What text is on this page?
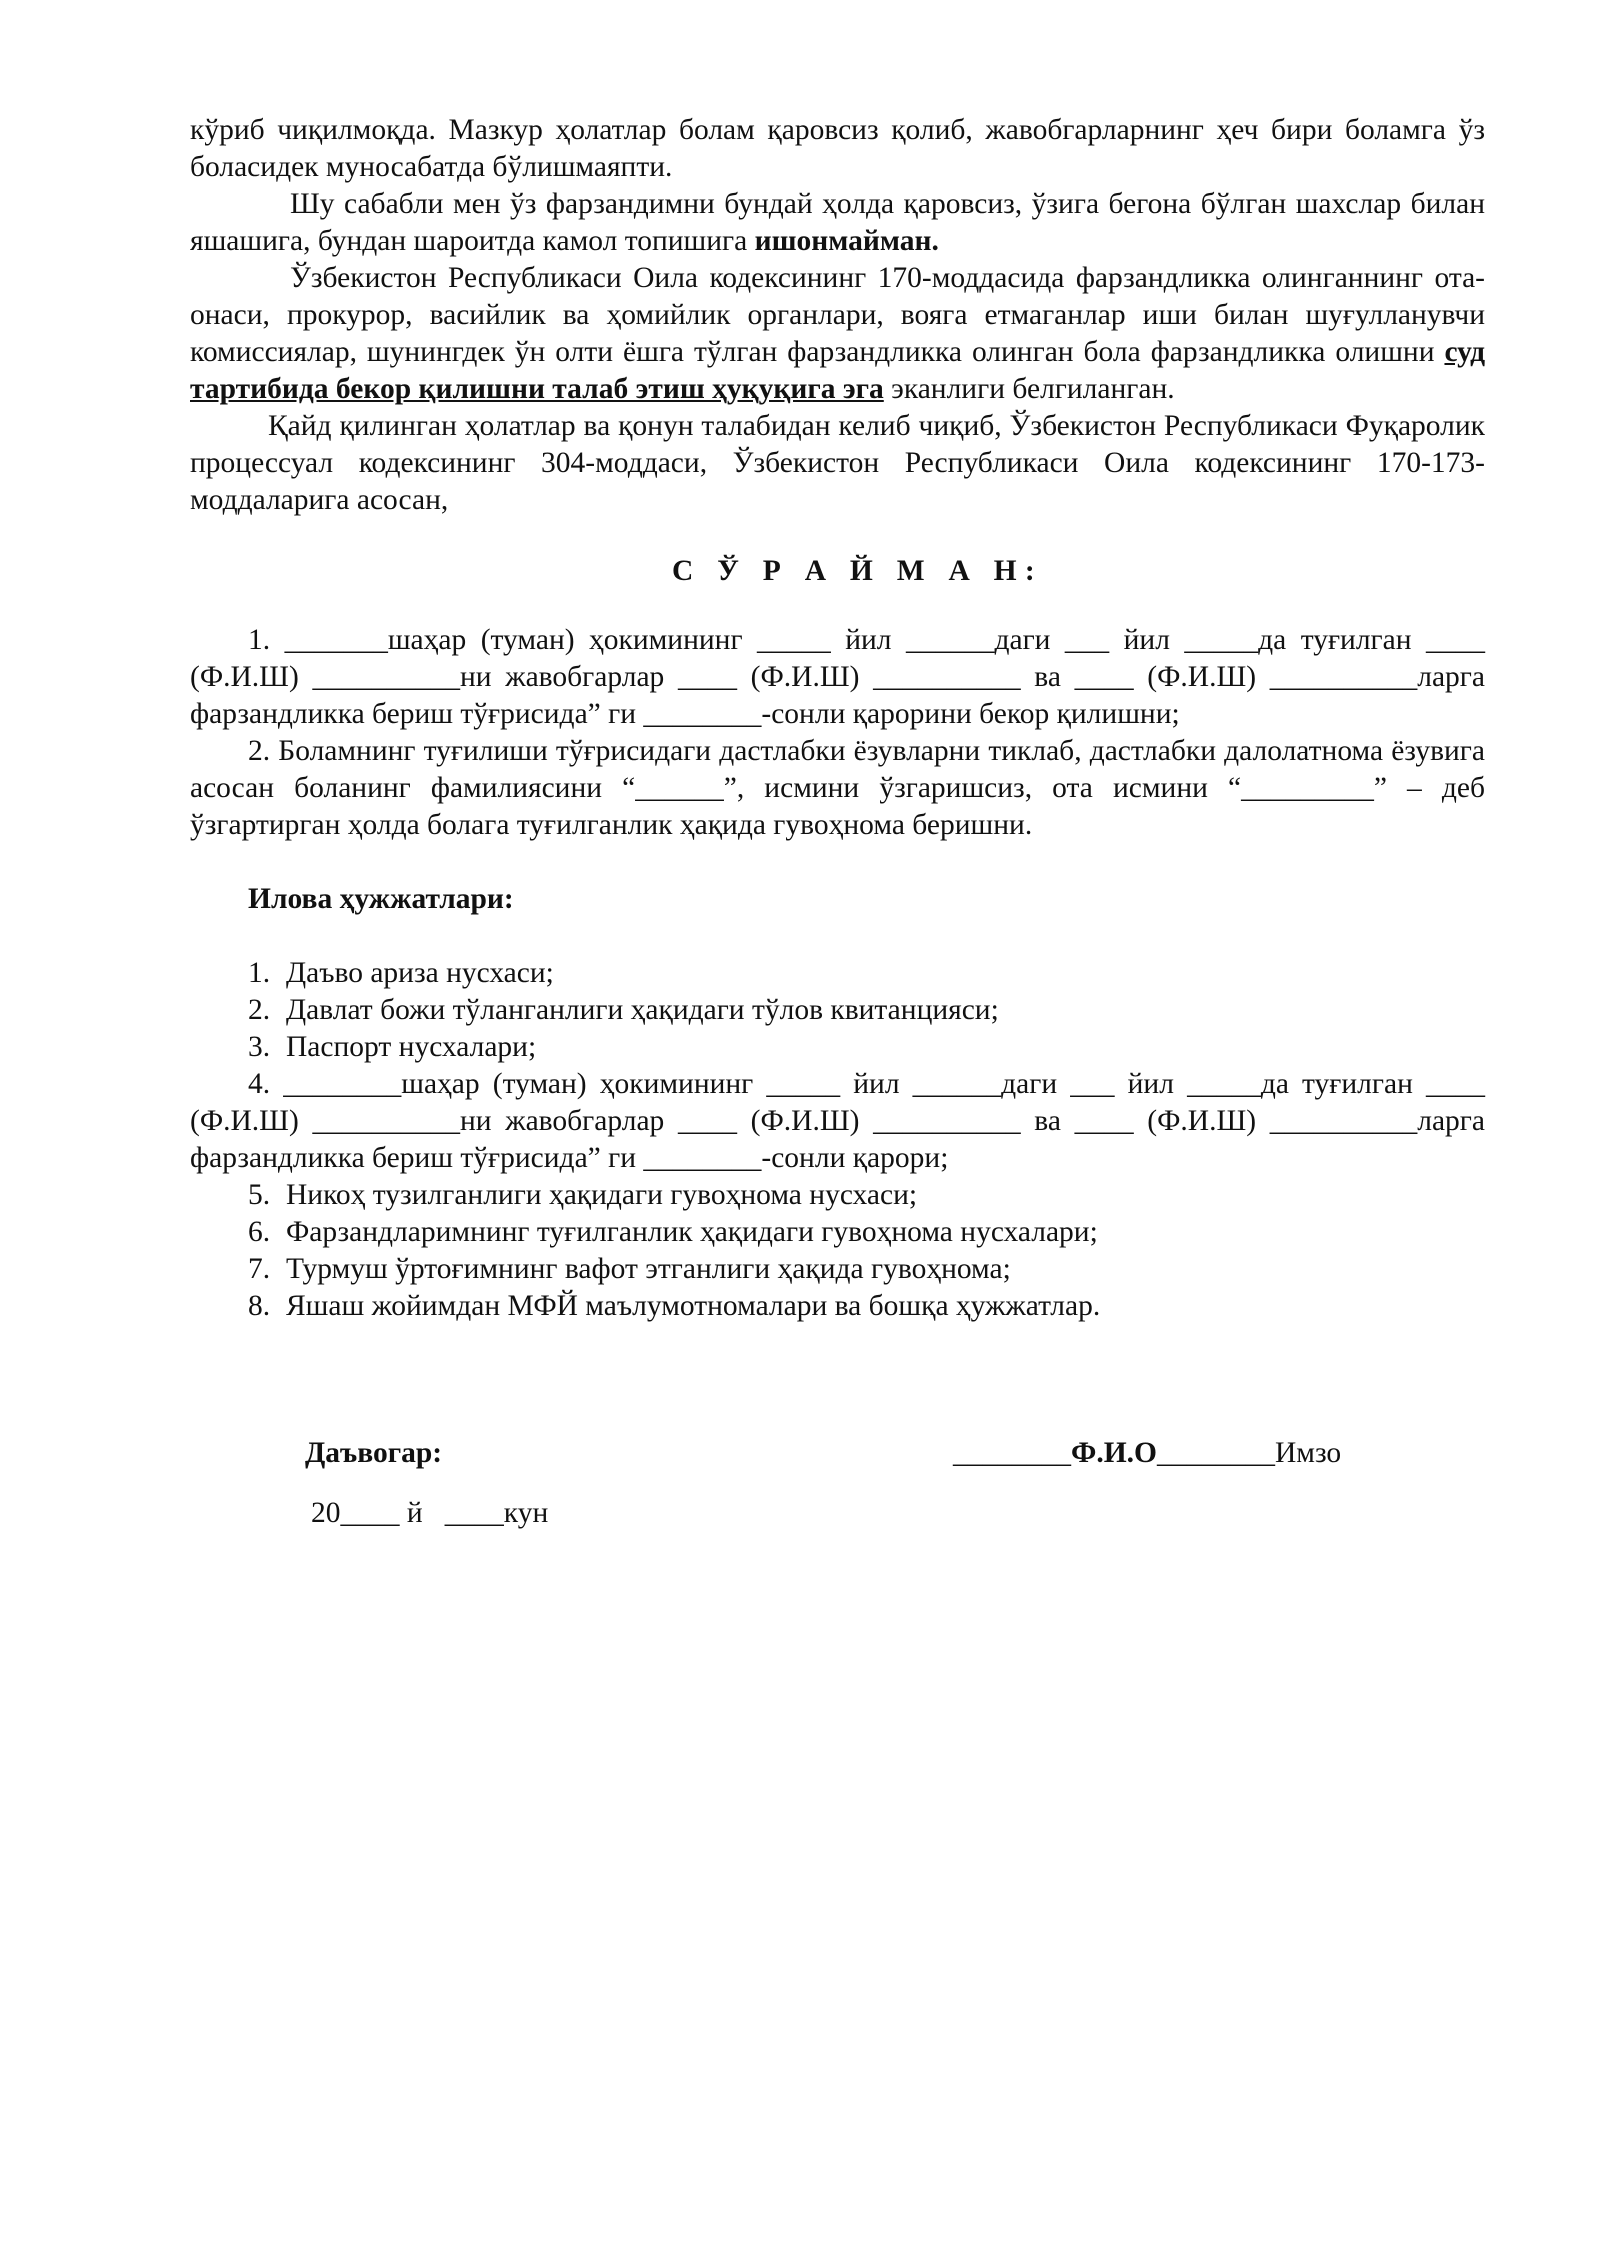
кўриб чиқилмоқда. Мазкур ҳолатлар болам қаровсиз қолиб, жавобгарларнинг ҳеч бири боламга ўз боласидек муносабатда бўлишмаяпти.

Шу сабабли мен ўз фарзандимни бундай ҳолда қаровсиз, ўзига бегона бўлган шахслар билан яшашига, бундан шароитда камол топишига ишонмайман.

Ўзбекистон Республикаси Оила кодексининг 170-моддасида фарзандликка олинганнинг ота-онаси, прокурор, васийлик ва ҳомийлик органлари, вояга етмаганлар иши билан шуғулланувчи комиссиялар, шунингдек ўн олти ёшга тўлган фарзандликка олинган бола фарзандликка олишни суд тартибида бекор қилишни талаб этиш ҳуқуқига эга эканлиги белгиланган.

Қайд қилинган ҳолатлар ва қонун талабидан келиб чиқиб, Ўзбекистон Республикаси Фуқаролик процессуал кодексининг 304-моддаси, Ўзбекистон Республикаси Оила кодексининг 170-173-моддаларига асосан,

С Ў Р А Й М А Н:

1. _______шаҳар (туман) ҳокимининг _____ йил ______даги ___ йил _____да туғилган ____ (Ф.И.Ш) __________ни жавобгарлар ____ (Ф.И.Ш) __________ ва ____ (Ф.И.Ш) __________ларга фарзандликка бериш тўғрисида” ги ________-сонли қарорини бекор қилишни;

2. Боламнинг туғилиши тўғрисидаги дастлабки ёзувларни тиклаб, дастлабки далолатнома ёзувига асосан боланинг фамилиясини “______”, исмини ўзгаришсиз, ота исмини “_________” – деб ўзгартирган ҳолда болага туғилганлик ҳақида гувоҳнома беришни.

Илова ҳужжатлари:

1. Даъво ариза нусхаси;

2. Давлат божи тўланганлиги ҳақидаги тўлов квитанцияси;

3. Паспорт нусхалари;

4. ________шаҳар (туман) ҳокимининг _____ йил ______даги ___ йил _____да туғилган ____ (Ф.И.Ш) __________ни жавобгарлар ____ (Ф.И.Ш) __________ ва ____ (Ф.И.Ш) __________ларга фарзандликка бериш тўғрисида” ги ________-сонли қарори;

5. Никоҳ тузилганлиги ҳақидаги гувоҳнома нусхаси;

6. Фарзандларимнинг туғилганлик ҳақидаги гувоҳнома нусхалари;

7. Турмуш ўртоғимнинг вафот этганлиги ҳақида гувоҳнома;

8. Яшаш жойимдан МФЙ маълумотномалари ва бошқа ҳужжатлар.

Даъвогар:	________Ф.И.О________Имзо

20____ й   ____кун
